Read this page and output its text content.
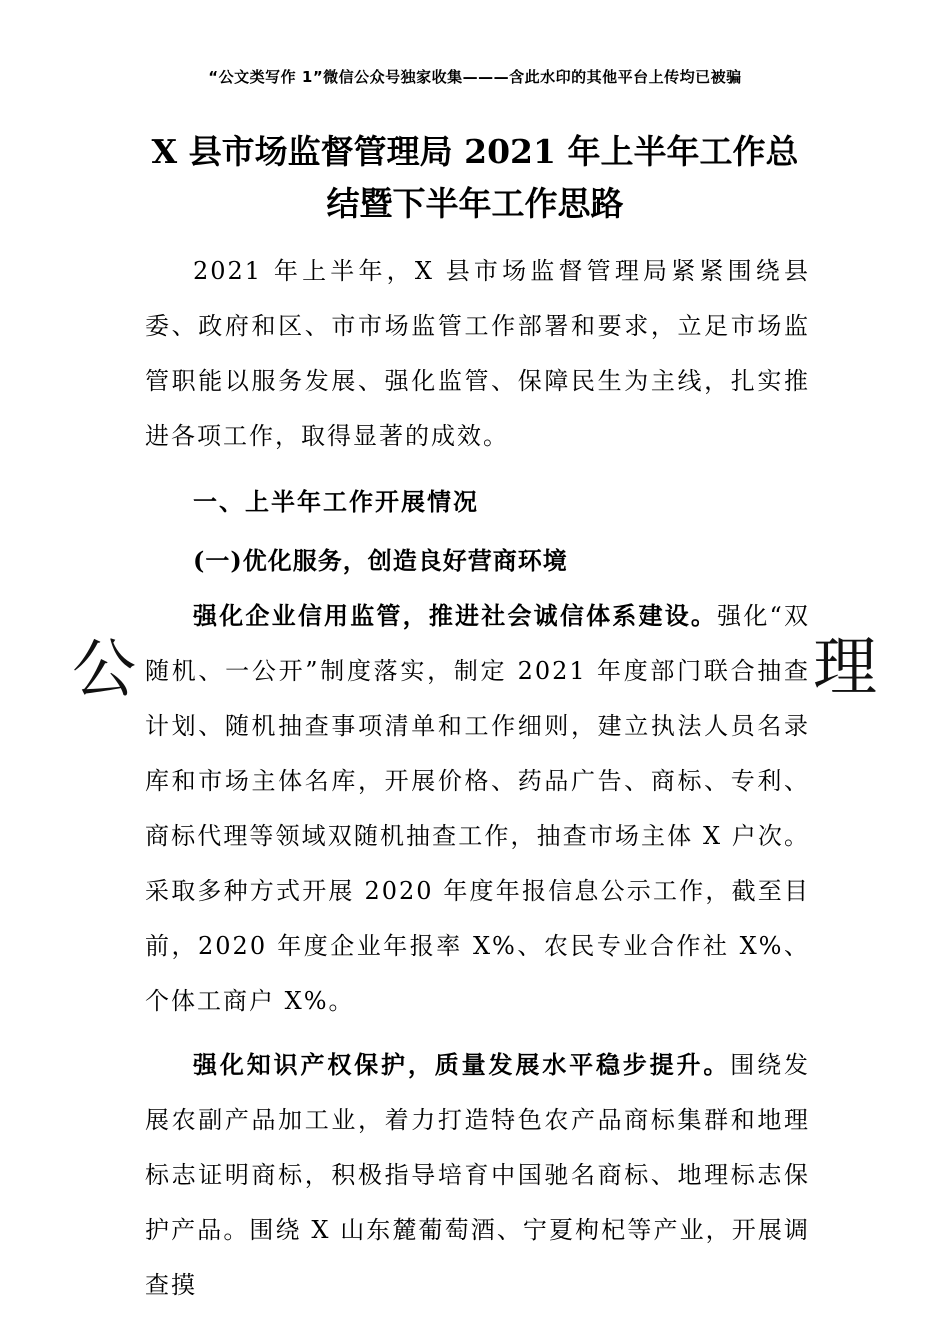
“公文类写作 1”微信公众号独家收集———含此水印的其他平台上传均已被骗
X 县市场监督管理局 2021 年上半年工作总
结暨下半年工作思路

2021 年上半年，X 县市场监督管理局紧紧围绕县委、政府和区、市市场监管工作部署和要求，立足市场监管职能以服务发展、强化监管、保障民生为主线，扎实推进各项工作，取得显著的成效。

一、上半年工作开展情况
(一)优化服务，创造良好营商环境

强化企业信用监管，推进社会诚信体系建设。强化“双随机、一公开”制度落实，制定 2021 年度部门联合抽查计划、随机抽查事项清单和工作细则，建立执法人员名录库和市场主体名库，开展价格、药品广告、商标、专利、商标代理等领域双随机抽查工作，抽查市场主体 X 户次。采取多种方式开展 2020 年度年报信息公示工作，截至目前，2020 年度企业年报率 X%、农民专业合作社 X%、个体工商户 X%。

强化知识产权保护，质量发展水平稳步提升。围绕发展农副产品加工业，着力打造特色农产品商标集群和地理标志证明商标，积极指导培育中国驰名商标、地理标志保护产品。围绕 X 山东麓葡萄酒、宁夏枸杞等产业，开展调查摸

公	理
